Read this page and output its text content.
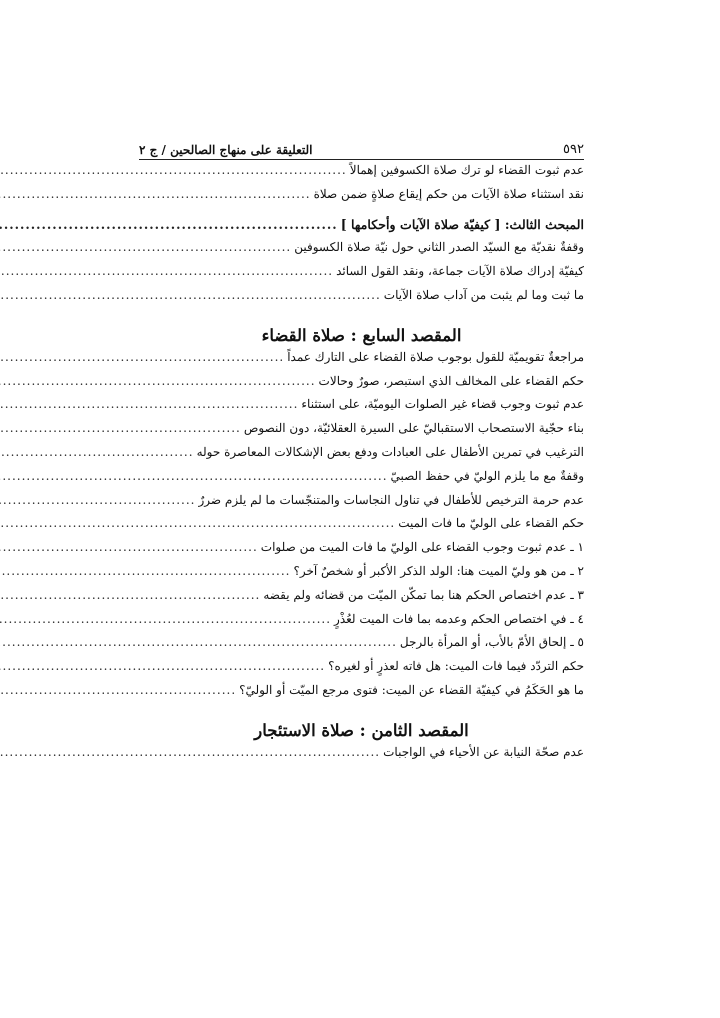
٥٩٢
التعليقة على منهاج الصالحين / ج ٢
عدم ثبوت القضاء لو ترك صلاة الكسوفين إهمالاً
.....
نقد استثناء صلاة الآيات من حكم إيقاع صلاةٍ ضمن صلاة
.....
المبحث الثالث: [ كيفيّة صلاة الآيات وأحكامها ]
.....
وقفةٌ نقديّة مع السيّد الصدر الثاني حول نيّة صلاة الكسوفين
.....
كيفيّة إدراك صلاة الآيات جماعة، ونقد القول السائد
.....
ما ثبت وما لم يثبت من آداب صلاة الآيات
.....
المقصد السابع : صلاة القضاء
مراجعةٌ تقويميّة للقول بوجوب صلاة القضاء على التارك عمداً
.....
حكم القضاء على المخالف الذي استبصر، صورٌ وحالات
.....
عدم ثبوت وجوب قضاء غير الصلوات اليوميّة، على استثناء
.....
بناء حجّية الاستصحاب الاستقباليّ على السيرة العقلائيّة، دون النصوص
.....
الترغيب في تمرين الأطفال على العبادات ودفع بعض الإشكالات المعاصرة حوله
.....
وقفةٌ مع ما يلزم الوليّ في حفظ الصبيّ
.....
عدم حرمة الترخيص للأطفال في تناول النجاسات والمتنجّسات ما لم يلزم ضررٌ
.....
حكم القضاء على الوليّ ما فات الميت
.....
١ ـ عدم ثبوت وجوب القضاء على الوليّ ما فات الميت من صلوات
.....
٢ ـ من هو وليّ الميت هنا: الولد الذكر الأكبر أو شخصٌ آخر؟
.....
٣ ـ عدم اختصاص الحكم هنا بما تمكّن الميّت من قضائه ولم يقضه
.....
٤ ـ في اختصاص الحكم وعدمه بما فات الميت لعُذْرٍ
.....
٥ ـ إلحاق الأمّ بالأب، أو المرأة بالرجل
.....
حكم التردّد فيما فات الميت: هل فاته لعذرٍ أو لغيره؟
.....
ما هو الحَكَمُ في كيفيّة القضاء عن الميت: فتوى مرجع الميّت أو الوليّ؟
.....
المقصد الثامن : صلاة الاستئجار
عدم صحّة النيابة عن الأحياء في الواجبات
.....
